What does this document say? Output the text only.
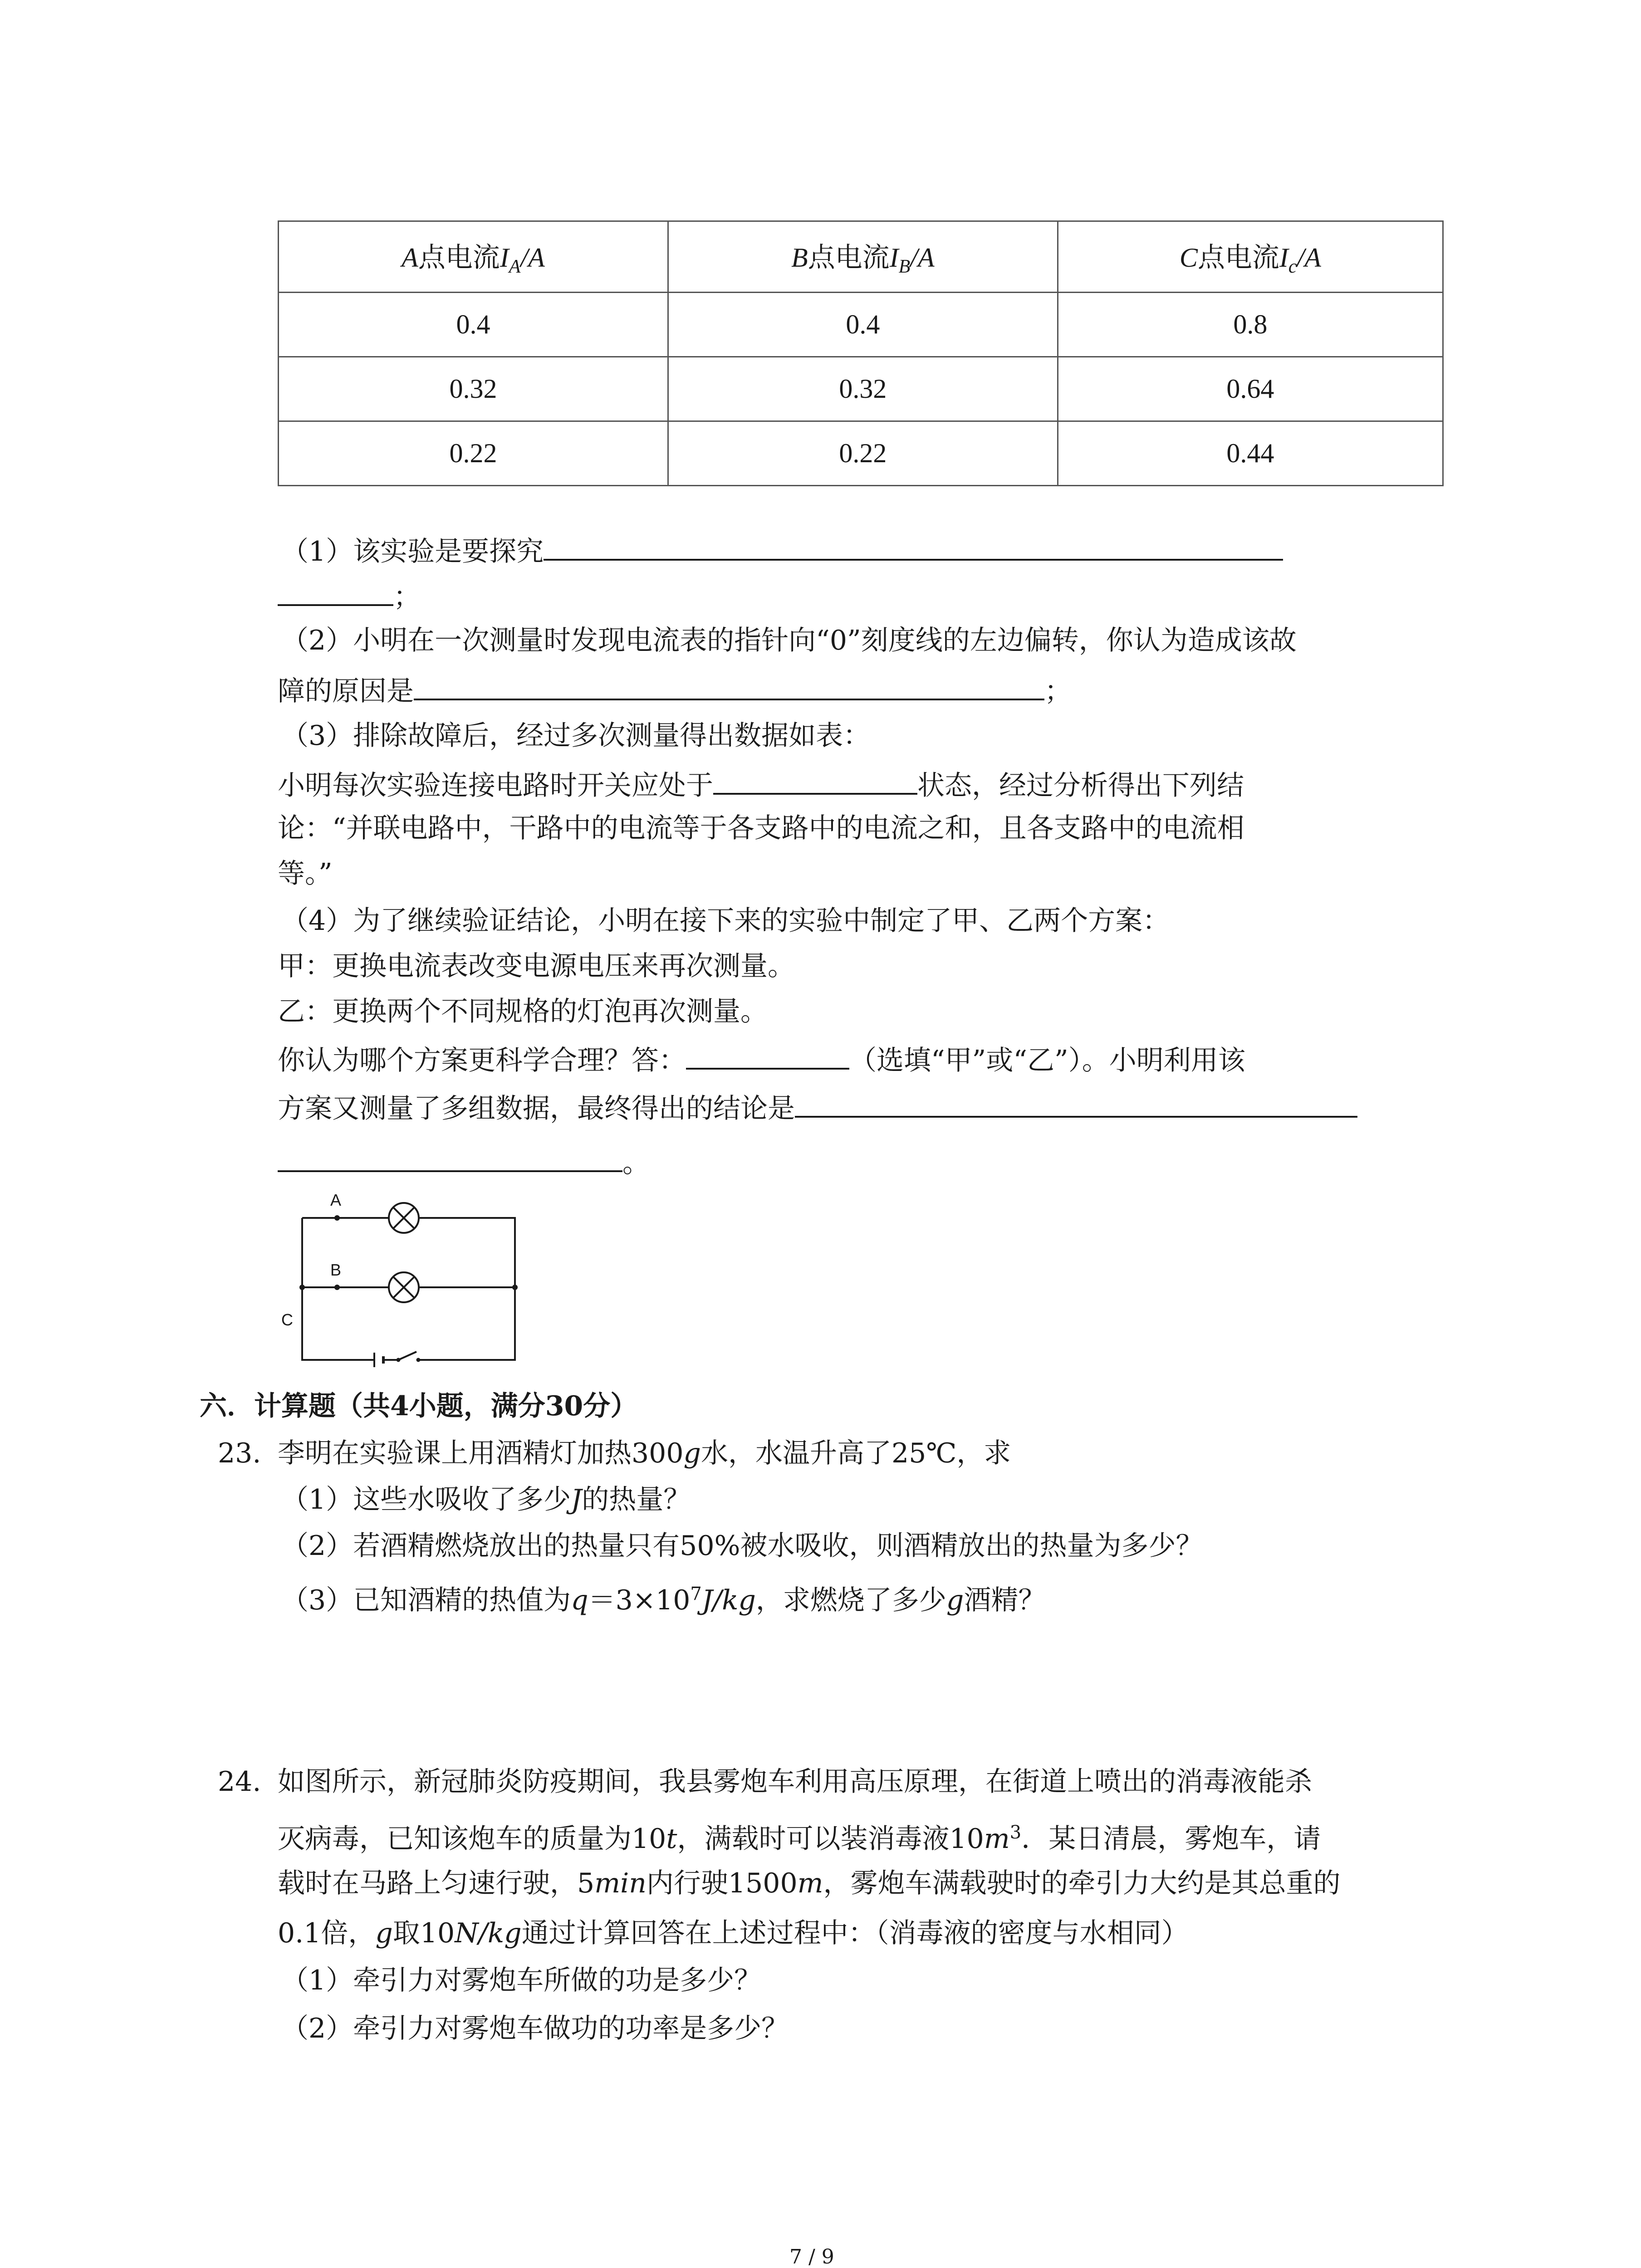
A点电流$I_A/A$	B点电流$I_B/A$	C点电流$I_c/A$
0.4	0.4	0.8
0.32	0.32	0.64
0.22	0.22	0.44
（1）该实验是要探究
；
（2）小明在一次测量时发现电流表的指针向“0”刻度线的左边偏转，你认为造成该故
障的原因是	；
（3）排除故障后，经过多次测量得出数据如表：
小明每次实验连接电路时开关应处于	状态，经过分析得出下列结
论：“并联电路中，干路中的电流等于各支路中的电流之和，且各支路中的电流相
等。”
（4）为了继续验证结论，小明在接下来的实验中制定了甲、乙两个方案：
甲：更换电流表改变电源电压来再次测量。
乙：更换两个不同规格的灯泡再次测量。
你认为哪个方案更科学合理？答：	（选填“甲”或“乙”）。小明利用该
方案又测量了多组数据，最终得出的结论是
。
A
B
C
六．计算题（共4小题，满分30分）
23. 李明在实验课上用酒精灯加热300g水，水温升高了25℃，求
（1）这些水吸收了多少J的热量？
（2）若酒精燃烧放出的热量只有50%被水吸收，则酒精放出的热量为多少？
（3）已知酒精的热值为$q=3\times 10^7J/kg$，求燃烧了多少g酒精？
24. 如图所示，新冠肺炎防疫期间，我县雾炮车利用高压原理，在街道上喷出的消毒液能杀
灭病毒，已知该炮车的质量为10t，满载时可以装消毒液$10m^3$．某日清晨，雾炮车，请
载时在马路上匀速行驶，5min内行驶1500m，雾炮车满载驶时的牵引力大约是其总重的
0.1倍，g取10N/kg通过计算回答在上述过程中：（消毒液的密度与水相同）
（1）牵引力对雾炮车所做的功是多少？
（2）牵引力对雾炮车做功的功率是多少？
7 / 9
